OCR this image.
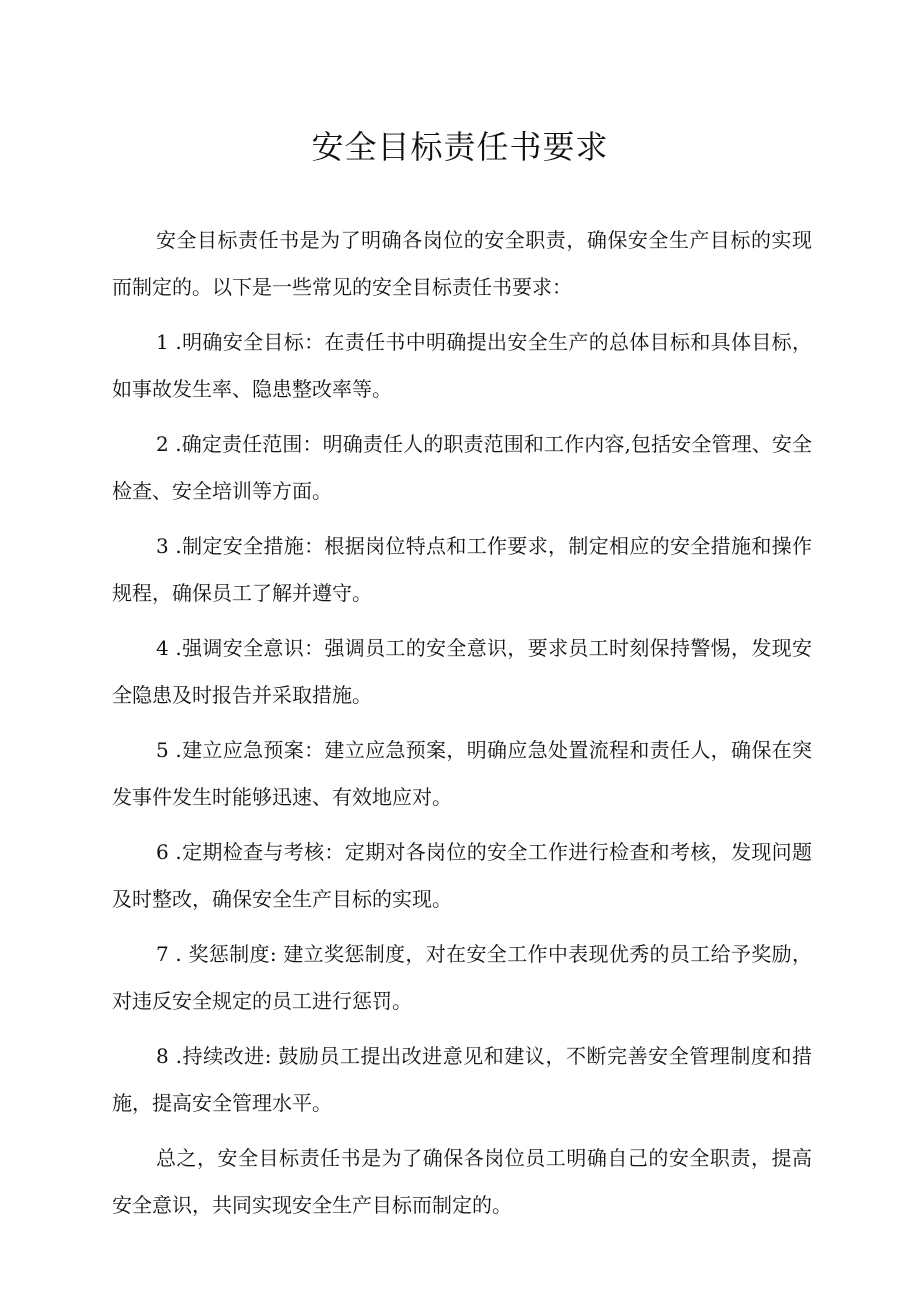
安全目标责任书要求

安全目标责任书是为了明确各岗位的安全职责，确保安全生产目标的实现而制定的。以下是一些常见的安全目标责任书要求：

1 .明确安全目标：在责任书中明确提出安全生产的总体目标和具体目标，如事故发生率、隐患整改率等。

2 .确定责任范围：明确责任人的职责范围和工作内容,包括安全管理、安全检查、安全培训等方面。

3 .制定安全措施：根据岗位特点和工作要求，制定相应的安全措施和操作规程，确保员工了解并遵守。

4 .强调安全意识：强调员工的安全意识，要求员工时刻保持警惕，发现安全隐患及时报告并采取措施。

5 .建立应急预案：建立应急预案，明确应急处置流程和责任人，确保在突发事件发生时能够迅速、有效地应对。

6 .定期检查与考核：定期对各岗位的安全工作进行检查和考核，发现问题及时整改，确保安全生产目标的实现。

7 . 奖惩制度: 建立奖惩制度，对在安全工作中表现优秀的员工给予奖励，对违反安全规定的员工进行惩罚。

8 .持续改进: 鼓励员工提出改进意见和建议，不断完善安全管理制度和措施，提高安全管理水平。

总之，安全目标责任书是为了确保各岗位员工明确自己的安全职责，提高安全意识，共同实现安全生产目标而制定的。
